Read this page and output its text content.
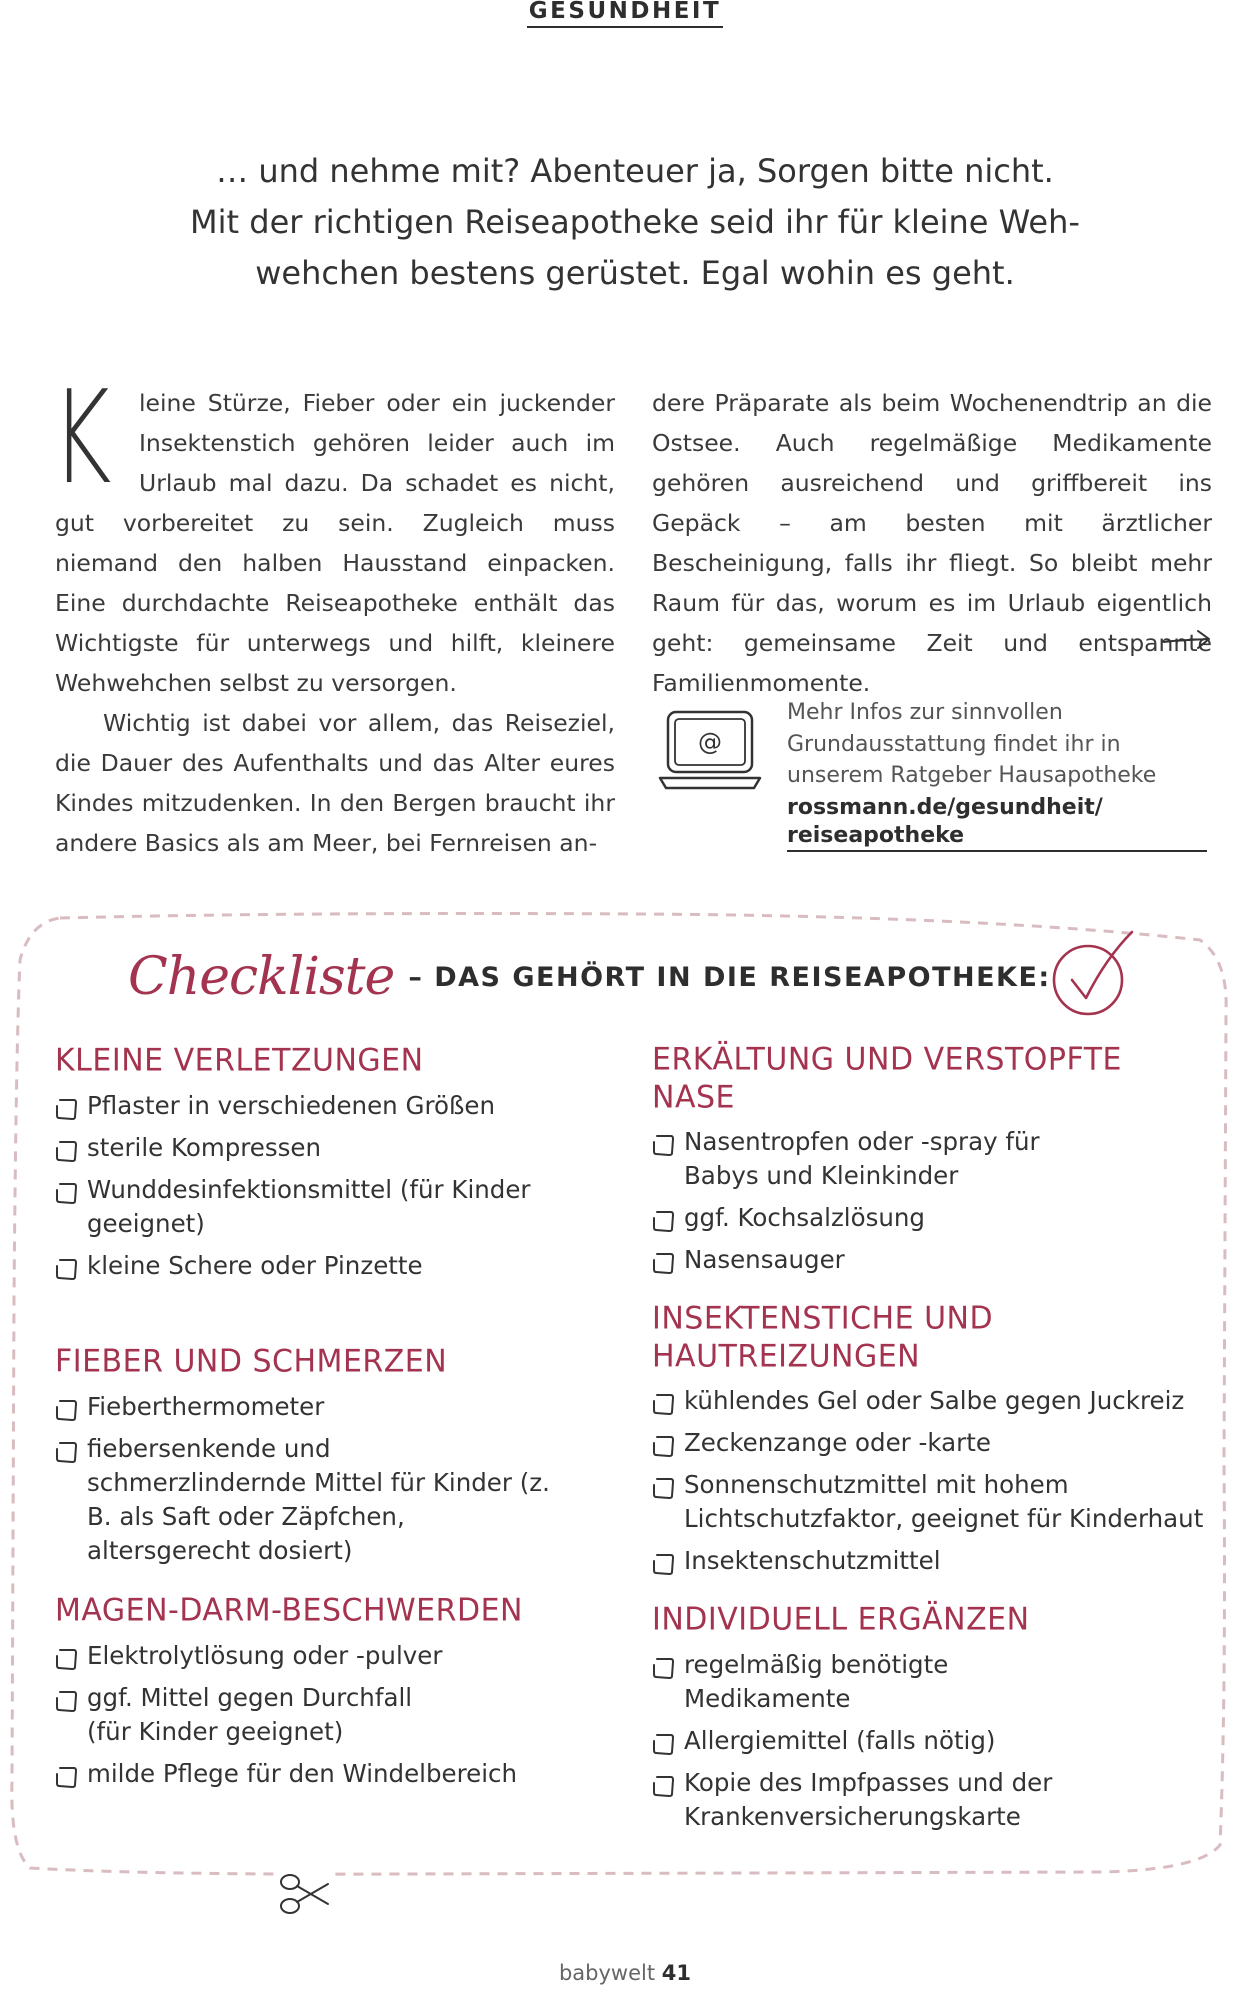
GESUNDHEIT
… und nehme mit? Abenteuer ja, Sorgen bitte nicht.
Mit der richtigen Reiseapotheke seid ihr für kleine Weh-
wehchen bestens gerüstet. Egal wohin es geht.

K leine Stürze, Fieber oder ein juckender Insektenstich gehören leider auch im Urlaub mal dazu. Da schadet es nicht, gut vorbereitet zu sein. Zugleich muss niemand den halben Hausstand einpacken. Eine durchdachte Reiseapotheke enthält das Wichtigste für unterwegs und hilft, kleinere Wehwehchen selbst zu versorgen.

Wichtig ist dabei vor allem, das Reiseziel, die Dauer des Aufenthalts und das Alter eures Kindes mitzudenken. In den Bergen braucht ihr andere Basics als am Meer, bei Fernreisen an-

dere Präparate als beim Wochenendtrip an die Ostsee. Auch regelmäßige Medikamente gehören ausreichend und griffbereit ins Gepäck – am besten mit ärztlicher Bescheinigung, falls ihr fliegt. So bleibt mehr Raum für das, worum es im Urlaub eigentlich geht: gemeinsame Zeit und entspannte Familienmomente.

@
Mehr Infos zur sinnvollen Grundausstattung findet ihr in unserem Ratgeber Hausapotheke
rossmann.de/gesundheit/ reiseapotheke
Checkliste – DAS GEHÖRT IN DIE REISEAPOTHEKE:
KLEINE VERLETZUNGEN
Pflaster in verschiedenen Größen
sterile Kompressen
Wunddesinfektionsmittel (für Kinder geeignet)
kleine Schere oder Pinzette
FIEBER UND SCHMERZEN
Fieberthermometer
fiebersenkende und schmerzlindernde Mittel für Kinder (z. B. als Saft oder Zäpfchen, altersgerecht dosiert)
MAGEN-DARM-BESCHWERDEN
Elektrolytlösung oder -pulver
ggf. Mittel gegen Durchfall (für Kinder geeignet)
milde Pflege für den Windelbereich
ERKÄLTUNG UND VERSTOPFTE NASE
Nasentropfen oder -spray für Babys und Kleinkinder
ggf. Kochsalzlösung
Nasensauger
INSEKTENSTICHE UND HAUTREIZUNGEN
kühlendes Gel oder Salbe gegen Juckreiz
Zeckenzange oder -karte
Sonnenschutzmittel mit hohem Lichtschutzfaktor, geeignet für Kinderhaut
Insektenschutzmittel
INDIVIDUELL ERGÄNZEN
regelmäßig benötigte Medikamente
Allergiemittel (falls nötig)
Kopie des Impfpasses und der Krankenversicherungskarte
babywelt 41
